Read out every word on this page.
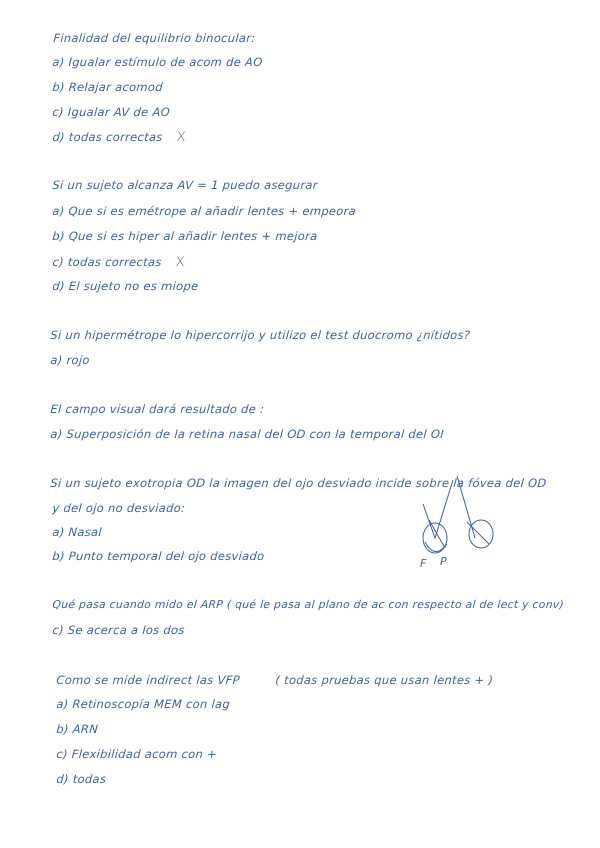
Finalidad del equilibrio binocular:
a) Igualar estímulo de acom de AO
b) Relajar acomod
c) Igualar AV de AO
d) todas correctas X
Si un sujeto alcanza AV = 1 puedo asegurar
a) Que si es emétrope al añadir lentes + empeora
b) Que si es hiper al añadir lentes + mejora
c) todas correctas X
d) El sujeto no es miope
Si un hipermétrope lo hipercorrijo y utilizo el test duocromo ¿nítidos?
a) rojo
El campo visual dará resultado de :
a) Superposición de la retina nasal del OD con la temporal del OI
Si un sujeto exotropia OD la imagen del ojo desviado incide sobre la fóvea del OD
y del ojo no desviado:
a) Nasal
b) Punto temporal del ojo desviado
F P
Qué pasa cuando mido el ARP ( qué le pasa al plano de ac con respecto al de lect y conv)
c) Se acerca a los dos
Como se mide indirect las VFP	( todas pruebas que usan lentes + )
a) Retinoscopía MEM con lag
b) ARN
c) Flexibilidad acom con +
d) todas
